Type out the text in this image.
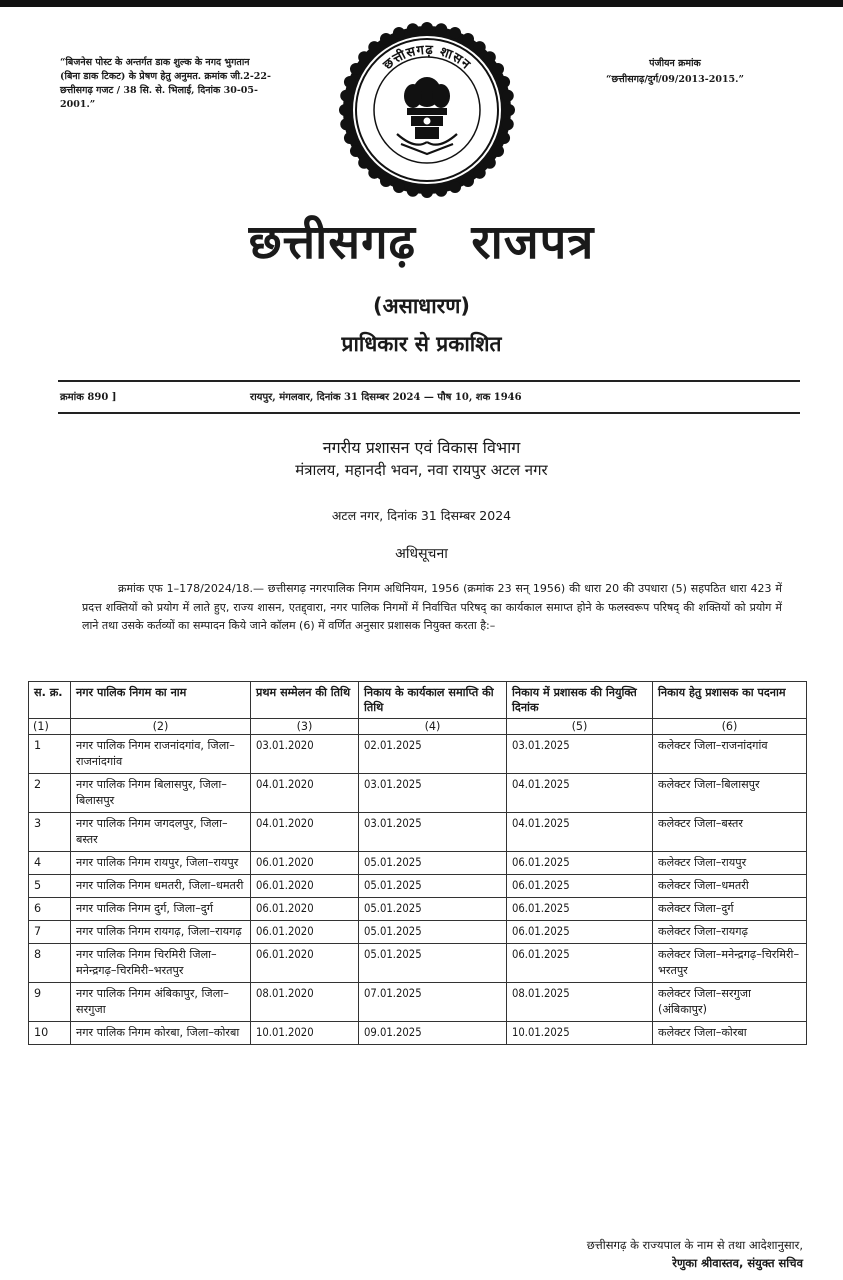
“बिजनेस पोस्ट के अन्तर्गत डाक शुल्क के नगद भुगतान (बिना डाक टिकट) के प्रेषण हेतु अनुमत. क्रमांक जी.2-22-छत्तीसगढ़ गजट / 38 सि. से. भिलाई, दिनांक 30-05-2001.”
छत्तीसगढ़ शासन	पंजीयन क्रमांक
“छत्तीसगढ़/दुर्ग/09/2013-2015.”
छत्तीसगढ़ राजपत्र
(असाधारण)
प्राधिकार से प्रकाशित
क्रमांक 890 ]	रायपुर, मंगलवार, दिनांक 31 दिसम्बर 2024 — पौष 10, शक 1946
नगरीय प्रशासन एवं विकास विभाग
मंत्रालय, महानदी भवन, नवा रायपुर अटल नगर
अटल नगर, दिनांक 31 दिसम्बर 2024
अधिसूचना
क्रमांक एफ 1–178/2024/18.— छत्तीसगढ़ नगरपालिक निगम अधिनियम, 1956 (क्रमांक 23 सन् 1956) की धारा 20 की उपधारा (5) सहपठित धारा 423 में प्रदत्त शक्तियों को प्रयोग में लाते हुए, राज्य शासन, एतद्द्वारा, नगर पालिक निगमों में निर्वाचित परिषद् का कार्यकाल समाप्त होने के फलस्वरूप परिषद् की शक्तियों को प्रयोग में लाने तथा उसके कर्तव्यों का सम्पादन किये जाने कॉलम (6) में वर्णित अनुसार प्रशासक नियुक्त करता है:–
स. क्र.	नगर पालिक निगम का नाम	प्रथम सम्मेलन की तिथि	निकाय के कार्यकाल समाप्ति की तिथि	निकाय में प्रशासक की नियुक्ति दिनांक	निकाय हेतु प्रशासक का पदनाम
(1)	(2)	(3)	(4)	(5)	(6)
1	नगर पालिक निगम राजनांदगांव, जिला–राजनांदगांव	03.01.2020	02.01.2025	03.01.2025	कलेक्टर जिला–राजनांदगांव
2	नगर पालिक निगम बिलासपुर, जिला–बिलासपुर	04.01.2020	03.01.2025	04.01.2025	कलेक्टर जिला–बिलासपुर
3	नगर पालिक निगम जगदलपुर, जिला–बस्तर	04.01.2020	03.01.2025	04.01.2025	कलेक्टर जिला–बस्तर
4	नगर पालिक निगम रायपुर, जिला–रायपुर	06.01.2020	05.01.2025	06.01.2025	कलेक्टर जिला–रायपुर
5	नगर पालिक निगम धमतरी, जिला–धमतरी	06.01.2020	05.01.2025	06.01.2025	कलेक्टर जिला–धमतरी
6	नगर पालिक निगम दुर्ग, जिला–दुर्ग	06.01.2020	05.01.2025	06.01.2025	कलेक्टर जिला–दुर्ग
7	नगर पालिक निगम रायगढ़, जिला–रायगढ़	06.01.2020	05.01.2025	06.01.2025	कलेक्टर जिला–रायगढ़
8	नगर पालिक निगम चिरमिरी जिला–मनेन्द्रगढ़–चिरमिरी–भरतपुर	06.01.2020	05.01.2025	06.01.2025	कलेक्टर जिला–मनेन्द्रगढ़–चिरमिरी–भरतपुर
9	नगर पालिक निगम अंबिकापुर, जिला–सरगुजा	08.01.2020	07.01.2025	08.01.2025	कलेक्टर जिला–सरगुजा (अंबिकापुर)
10	नगर पालिक निगम कोरबा, जिला–कोरबा	10.01.2020	09.01.2025	10.01.2025	कलेक्टर जिला–कोरबा
छत्तीसगढ़ के राज्यपाल के नाम से तथा आदेशानुसार,
रेणुका श्रीवास्तव, संयुक्त सचिव
